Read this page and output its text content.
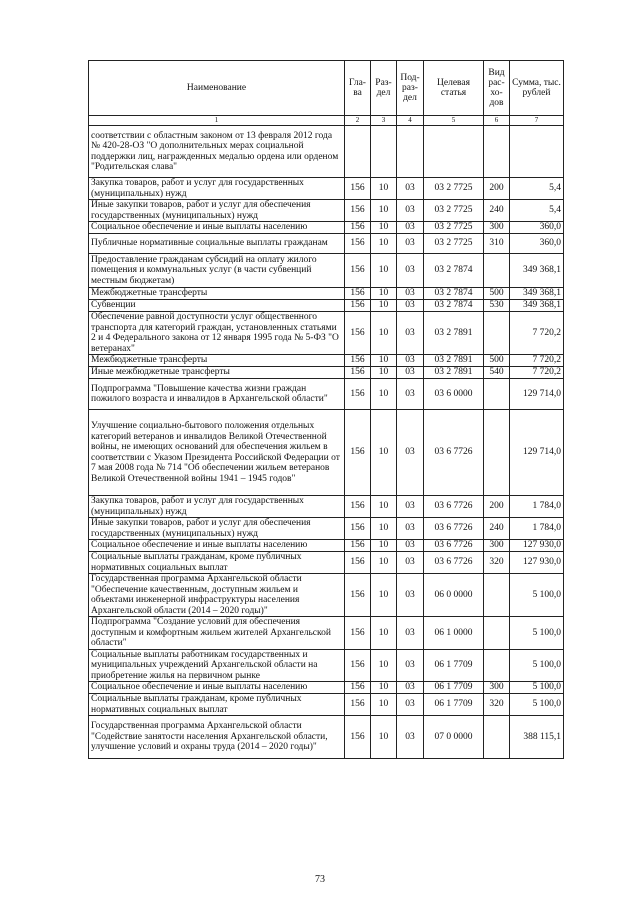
Наименование	Гла-ва	Раз-дел	Под-раз-дел	Целевая статья	Вид рас-хо-дов	Сумма, тыс. рублей
1	2	3	4	5	6	7
соответствии с областным законом от 13 февраля 2012 года № 420-28-ОЗ "О дополнительных мерах социальной поддержки лиц, награжденных медалью ордена или орденом "Родительская слава"						
Закупка товаров, работ и услуг для государственных (муниципальных) нужд	156	10	03	03 2 7725	200	5,4
Иные закупки товаров, работ и услуг для обеспечения государственных (муниципальных) нужд	156	10	03	03 2 7725	240	5,4
Социальное обеспечение и иные выплаты населению	156	10	03	03 2 7725	300	360,0
Публичные нормативные социальные выплаты гражданам	156	10	03	03 2 7725	310	360,0
Предоставление гражданам субсидий на оплату жилого помещения и коммунальных услуг (в части субвенций местным бюджетам)	156	10	03	03 2 7874		349 368,1
Межбюджетные трансферты	156	10	03	03 2 7874	500	349 368,1
Субвенции	156	10	03	03 2 7874	530	349 368,1
Обеспечение равной доступности услуг общественного транспорта для категорий граждан, установленных статьями 2 и 4 Федерального закона от 12 января 1995 года № 5-ФЗ "О ветеранах"	156	10	03	03 2 7891		7 720,2
Межбюджетные трансферты	156	10	03	03 2 7891	500	7 720,2
Иные межбюджетные трансферты	156	10	03	03 2 7891	540	7 720,2
Подпрограмма "Повышение качества жизни граждан пожилого возраста и инвалидов в Архангельской области"	156	10	03	03 6 0000		129 714,0
Улучшение социально-бытового положения отдельных категорий ветеранов и инвалидов Великой Отечественной войны, не имеющих оснований для обеспечения жильем в соответствии с Указом Президента Российской Федерации от 7 мая 2008 года № 714 "Об обеспечении жильем ветеранов Великой Отечественной войны 1941 – 1945 годов"	156	10	03	03 6 7726		129 714,0
Закупка товаров, работ и услуг для государственных (муниципальных) нужд	156	10	03	03 6 7726	200	1 784,0
Иные закупки товаров, работ и услуг для обеспечения государственных (муниципальных) нужд	156	10	03	03 6 7726	240	1 784,0
Социальное обеспечение и иные выплаты населению	156	10	03	03 6 7726	300	127 930,0
Социальные выплаты гражданам, кроме публичных нормативных социальных выплат	156	10	03	03 6 7726	320	127 930,0
Государственная программа Архангельской области "Обеспечение качественным, доступным жильем и объектами инженерной инфраструктуры населения Архангельской области (2014 – 2020 годы)"	156	10	03	06 0 0000		5 100,0
Подпрограмма "Создание условий для обеспечения доступным и комфортным жильем жителей Архангельской области"	156	10	03	06 1 0000		5 100,0
Социальные выплаты работникам государственных и муниципальных учреждений Архангельской области на приобретение жилья на первичном рынке	156	10	03	06 1 7709		5 100,0
Социальное обеспечение и иные выплаты населению	156	10	03	06 1 7709	300	5 100,0
Социальные выплаты гражданам, кроме публичных нормативных социальных выплат	156	10	03	06 1 7709	320	5 100,0
Государственная программа Архангельской области "Содействие занятости населения Архангельской области, улучшение условий и охраны труда (2014 – 2020 годы)"	156	10	03	07 0 0000		388 115,1
73
